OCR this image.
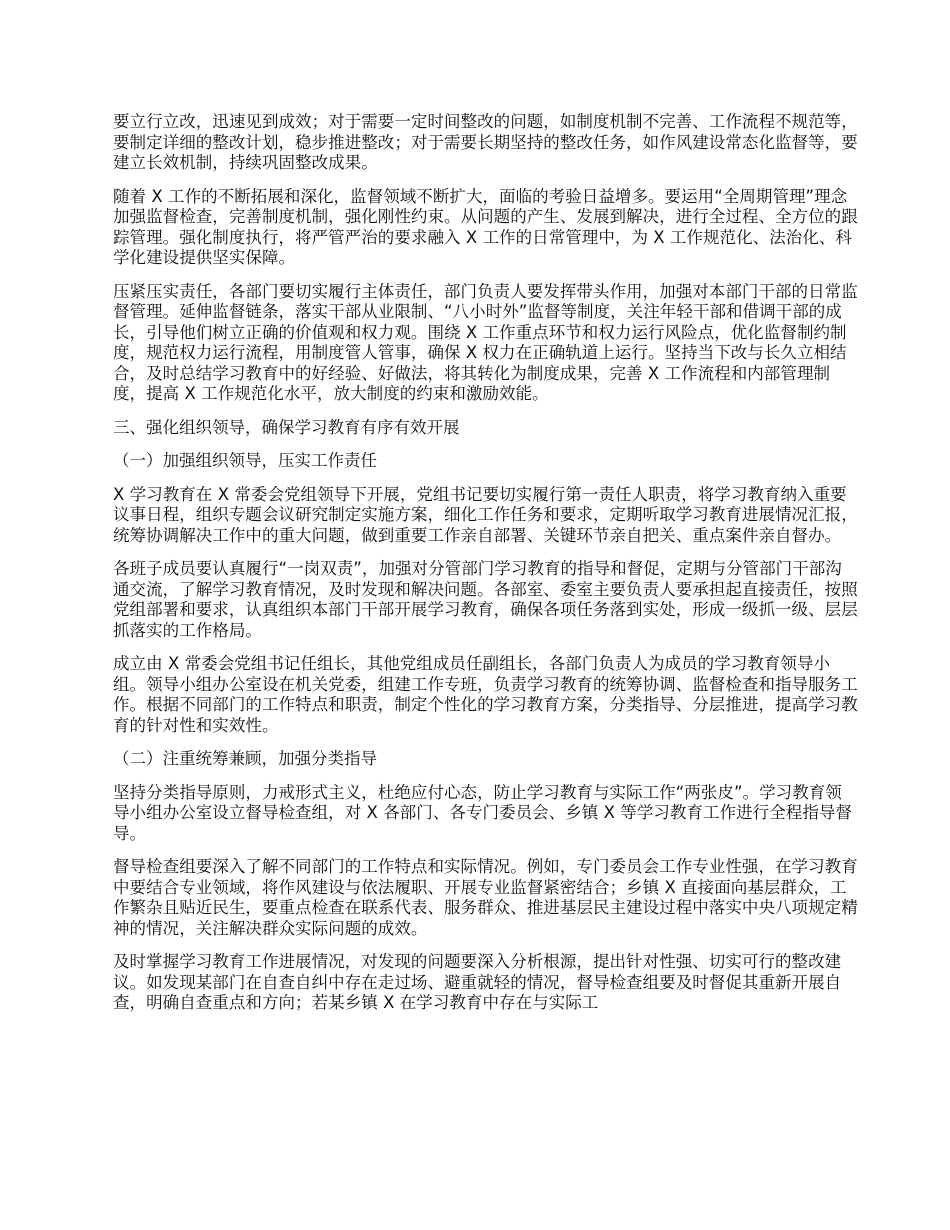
要立行立改，迅速见到成效；对于需要一定时间整改的问题，如制度机制不完善、工作流程不规范等，要制定详细的整改计划，稳步推进整改；对于需要长期坚持的整改任务，如作风建设常态化监督等，要建立长效机制，持续巩固整改成果。

随着 X 工作的不断拓展和深化，监督领域不断扩大，面临的考验日益增多。要运用“全周期管理”理念加强监督检查，完善制度机制，强化刚性约束。从问题的产生、发展到解决，进行全过程、全方位的跟踪管理。强化制度执行，将严管严治的要求融入 X 工作的日常管理中，为 X 工作规范化、法治化、科学化建设提供坚实保障。

压紧压实责任，各部门要切实履行主体责任，部门负责人要发挥带头作用，加强对本部门干部的日常监督管理。延伸监督链条，落实干部从业限制、“八小时外”监督等制度，关注年轻干部和借调干部的成长，引导他们树立正确的价值观和权力观。围绕 X 工作重点环节和权力运行风险点，优化监督制约制度，规范权力运行流程，用制度管人管事，确保 X 权力在正确轨道上运行。坚持当下改与长久立相结合，及时总结学习教育中的好经验、好做法，将其转化为制度成果，完善 X 工作流程和内部管理制度，提高 X 工作规范化水平，放大制度的约束和激励效能。

三、强化组织领导，确保学习教育有序有效开展

（一）加强组织领导，压实工作责任

X 学习教育在 X 常委会党组领导下开展，党组书记要切实履行第一责任人职责，将学习教育纳入重要议事日程，组织专题会议研究制定实施方案，细化工作任务和要求，定期听取学习教育进展情况汇报，统筹协调解决工作中的重大问题，做到重要工作亲自部署、关键环节亲自把关、重点案件亲自督办。

各班子成员要认真履行“一岗双责”，加强对分管部门学习教育的指导和督促，定期与分管部门干部沟通交流，了解学习教育情况，及时发现和解决问题。各部室、委室主要负责人要承担起直接责任，按照党组部署和要求，认真组织本部门干部开展学习教育，确保各项任务落到实处，形成一级抓一级、层层抓落实的工作格局。

成立由 X 常委会党组书记任组长，其他党组成员任副组长，各部门负责人为成员的学习教育领导小组。领导小组办公室设在机关党委，组建工作专班，负责学习教育的统筹协调、监督检查和指导服务工作。根据不同部门的工作特点和职责，制定个性化的学习教育方案，分类指导、分层推进，提高学习教育的针对性和实效性。

（二）注重统筹兼顾，加强分类指导

坚持分类指导原则，力戒形式主义，杜绝应付心态，防止学习教育与实际工作“两张皮”。学习教育领导小组办公室设立督导检查组，对 X 各部门、各专门委员会、乡镇 X 等学习教育工作进行全程指导督导。

督导检查组要深入了解不同部门的工作特点和实际情况。例如，专门委员会工作专业性强，在学习教育中要结合专业领域，将作风建设与依法履职、开展专业监督紧密结合；乡镇 X 直接面向基层群众，工作繁杂且贴近民生，要重点检查在联系代表、服务群众、推进基层民主建设过程中落实中央八项规定精神的情况，关注解决群众实际问题的成效。

及时掌握学习教育工作进展情况，对发现的问题要深入分析根源，提出针对性强、切实可行的整改建议。如发现某部门在自查自纠中存在走过场、避重就轻的情况，督导检查组要及时督促其重新开展自查，明确自查重点和方向；若某乡镇 X 在学习教育中存在与实际工
